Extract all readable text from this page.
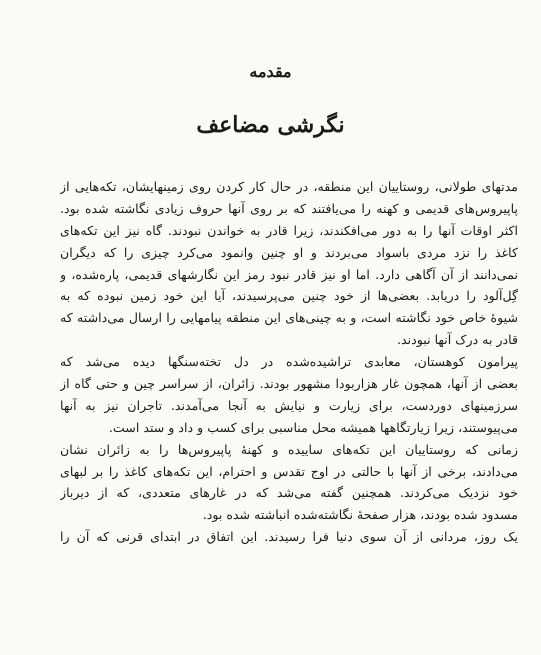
مقدمه
نگرشی مضاعف
مدتهای طولانی، روستاییان این منطقه، در حال کار کردن روی زمینهایشان، تکه‌هایی از
پاپیروس‌های قدیمی و کهنه را می‌یافتند که بر روی آنها حروف زیادی نگاشته شده بود.
اکثر اوقات آنها را به دور می‌افکندند، زیرا قادر به خواندن نبودند. گاه نیز این تکه‌های
کاغذ را نزد مردی باسواد می‌بردند و او چنین وانمود می‌کرد چیزی را که دیگران
نمی‌دانند از آن آگاهی دارد. اما او نیز قادر نبود رمز این نگارشهای قدیمی، پاره‌شده، و
گِل‌آلود را دریابد. بعضی‌ها از خود چنین می‌پرسیدند، آیا این خود زمین نبوده که به
شیوهٔ خاص خود نگاشته است، و به چینی‌های این منطقه پیامهایی را ارسال می‌داشته که
قادر به درک آنها نبودند.
پیرامون کوهستان، معابدی تراشیده‌شده در دل تخته‌سنگها دیده می‌شد که
بعضی از آنها، همچون غار هزاربودا مشهور بودند. زائران، از سراسر چین و حتی گاه از
سرزمینهای دوردست، برای زیارت و نیایش به آنجا می‌آمدند. تاجران نیز به آنها
می‌پیوستند، زیرا زیارتگاهها همیشه محل مناسبی برای کسب و داد و ستد است.
زمانی که روستاییان این تکه‌های ساییده و کهنهٔ پاپیروس‌ها را به زائران نشان
می‌دادند، برخی از آنها با حالتی در اوج تقدس و احترام، این تکه‌های کاغذ را بر لبهای
خود نزدیک می‌کردند. همچنین گفته می‌شد که در غارهای متعددی، که از دیرباز
مسدود شده بودند، هزار صفحهٔ نگاشته‌شده انباشته شده بود.
یک روز، مردانی از آن سوی دنیا فرا رسیدند. این اتفاق در ابتدای قرنی که آن را
